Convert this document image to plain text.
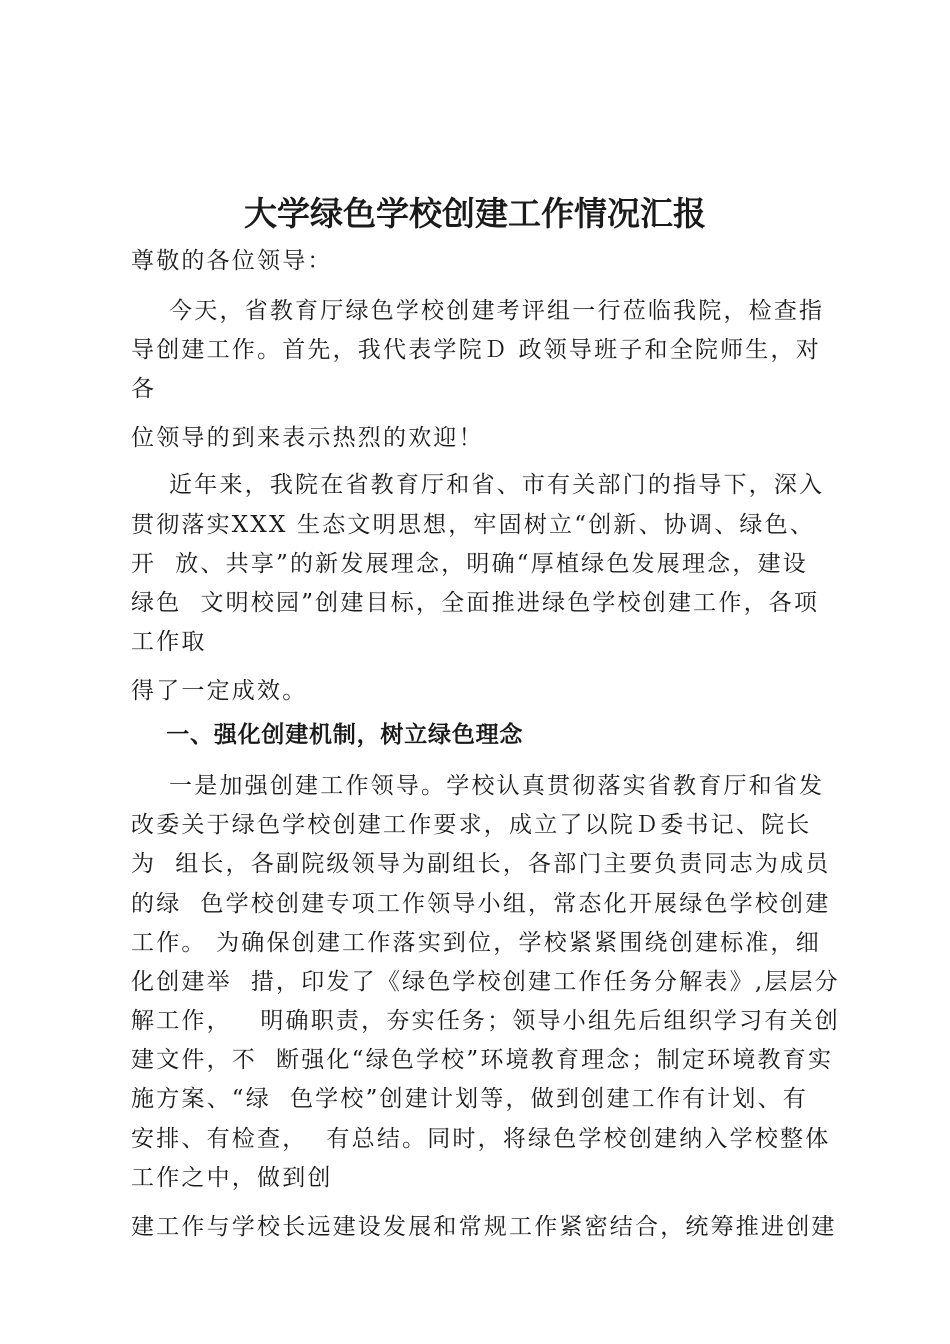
大学绿色学校创建工作情况汇报

尊敬的各位领导：

今天，省教育厅绿色学校创建考评组一行莅临我院，检查指

导创建工作。首先，我代表学院Ｄ 政领导班子和全院师生，对

各

位领导的到来表示热烈的欢迎！

近年来，我院在省教育厅和省、市有关部门的指导下，深入

贯彻落实XXX 生态文明思想，牢固树立“创新、协调、绿色、

开  放、共享”的新发展理念，明确“厚植绿色发展理念，建设

绿色  文明校园”创建目标，全面推进绿色学校创建工作，各项

工作取

得了一定成效。

一、强化创建机制，树立绿色理念

一是加强创建工作领导。学校认真贯彻落实省教育厅和省发

改委关于绿色学校创建工作要求，成立了以院Ｄ委书记、院长

为  组长，各副院级领导为副组长，各部门主要负责同志为成员

的绿  色学校创建专项工作领导小组，常态化开展绿色学校创建

工作。 为确保创建工作落实到位，学校紧紧围绕创建标准，细

化创建举  措，印发了《绿色学校创建工作任务分解表》,层层分

解工作，   明确职责，夯实任务；领导小组先后组织学习有关创

建文件，不  断强化“绿色学校”环境教育理念；制定环境教育实

施方案、“绿  色学校”创建计划等，做到创建工作有计划、有

安排、有检查，  有总结。同时，将绿色学校创建纳入学校整体

工作之中，做到创

建工作与学校长远建设发展和常规工作紧密结合，统筹推进创建
